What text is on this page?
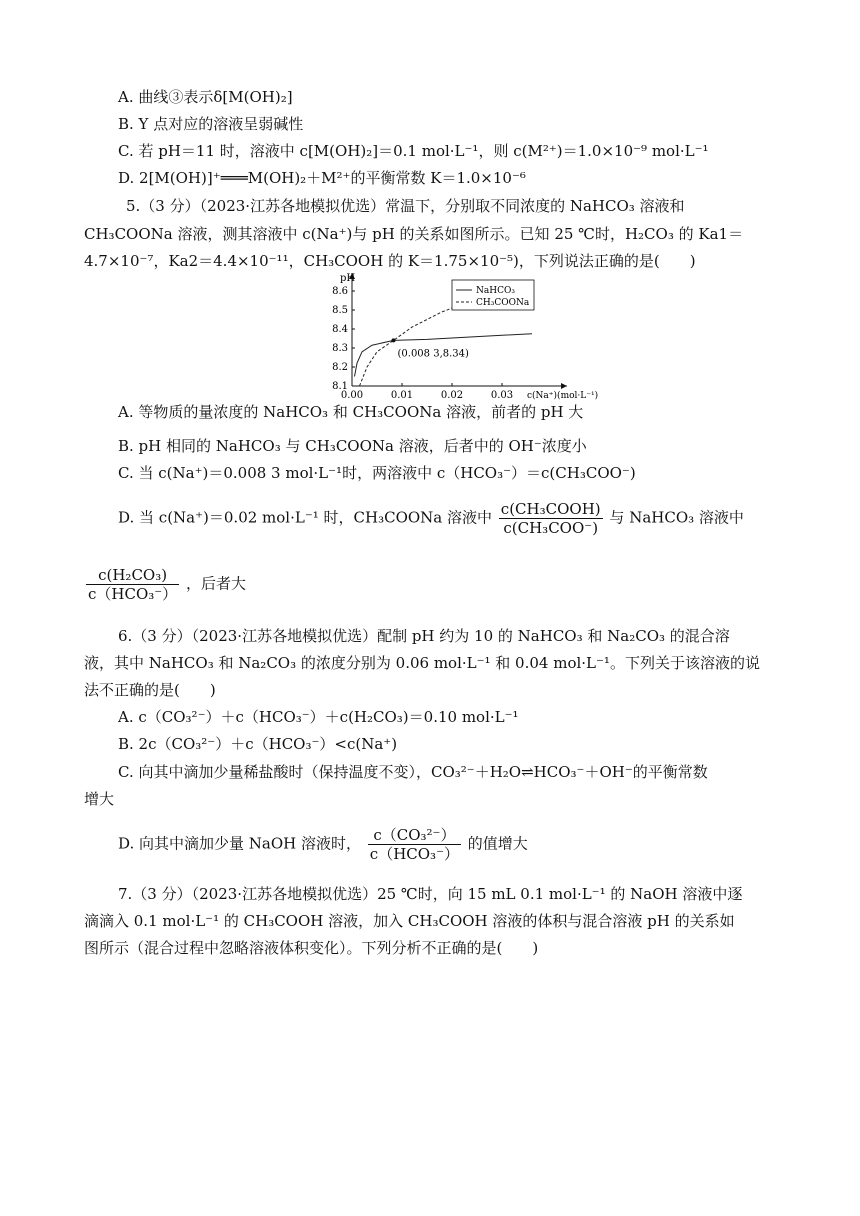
A. 曲线③表示δ[M(OH)₂]
B. Y 点对应的溶液呈弱碱性
C. 若 pH＝11 时，溶液中 c[M(OH)₂]＝0.1 mol·L⁻¹，则 c(M²⁺)＝1.0×10⁻⁹ mol·L⁻¹
D. 2[M(OH)]⁺═══M(OH)₂＋M²⁺的平衡常数 K＝1.0×10⁻⁶
5.（3 分）（2023·江苏各地模拟优选）常温下，分别取不同浓度的 NaHCO₃ 溶液和
CH₃COONa 溶液，测其溶液中 c(Na⁺)与 pH 的关系如图所示。已知 25 ℃时，H₂CO₃ 的 Ka1＝
4.7×10⁻⁷，Ka2＝4.4×10⁻¹¹，CH₃COOH 的 K＝1.75×10⁻⁵)，下列说法正确的是(　　)
8.1
8.2
8.3
8.4
8.5
8.6
0.00	0.01	0.02	0.03
pH
c(Na⁺)(mol·L⁻¹)
(0.008 3,8.34)
NaHCO₃
CH₃COONa
A. 等物质的量浓度的 NaHCO₃ 和 CH₃COONa 溶液，前者的 pH 大
B. pH 相同的 NaHCO₃ 与 CH₃COONa 溶液，后者中的 OH⁻浓度小
C. 当 c(Na⁺)＝0.008 3 mol·L⁻¹时，两溶液中 c（HCO₃⁻）＝c(CH₃COO⁻)
D. 当 c(Na⁺)＝0.02 mol·L⁻¹ 时，CH₃COONa 溶液中 $\frac{\text{c(CH₃COOH)}}{\text{c(CH₃COO⁻)}}$ 与 NaHCO₃ 溶液中
$\frac{\text{c(H₂CO₃)}}{\text{c（HCO₃⁻）}}$ ，后者大
6.（3 分）（2023·江苏各地模拟优选）配制 pH 约为 10 的 NaHCO₃ 和 Na₂CO₃ 的混合溶
液，其中 NaHCO₃ 和 Na₂CO₃ 的浓度分别为 0.06 mol·L⁻¹ 和 0.04 mol·L⁻¹。下列关于该溶液的说
法不正确的是(　　)
A. c（CO₃²⁻）＋c（HCO₃⁻）＋c(H₂CO₃)＝0.10 mol·L⁻¹
B. 2c（CO₃²⁻）＋c（HCO₃⁻）<c(Na⁺)
C. 向其中滴加少量稀盐酸时（保持温度不变），CO₃²⁻＋H₂O⇌HCO₃⁻＋OH⁻的平衡常数
增大
D. 向其中滴加少量 NaOH 溶液时， $\frac{\text{c（CO₃²⁻）}}{\text{c（HCO₃⁻）}}$ 的值增大
7.（3 分）（2023·江苏各地模拟优选）25 ℃时，向 15 mL 0.1 mol·L⁻¹ 的 NaOH 溶液中逐
滴滴入 0.1 mol·L⁻¹ 的 CH₃COOH 溶液，加入 CH₃COOH 溶液的体积与混合溶液 pH 的关系如
图所示（混合过程中忽略溶液体积变化）。下列分析不正确的是(　　)
